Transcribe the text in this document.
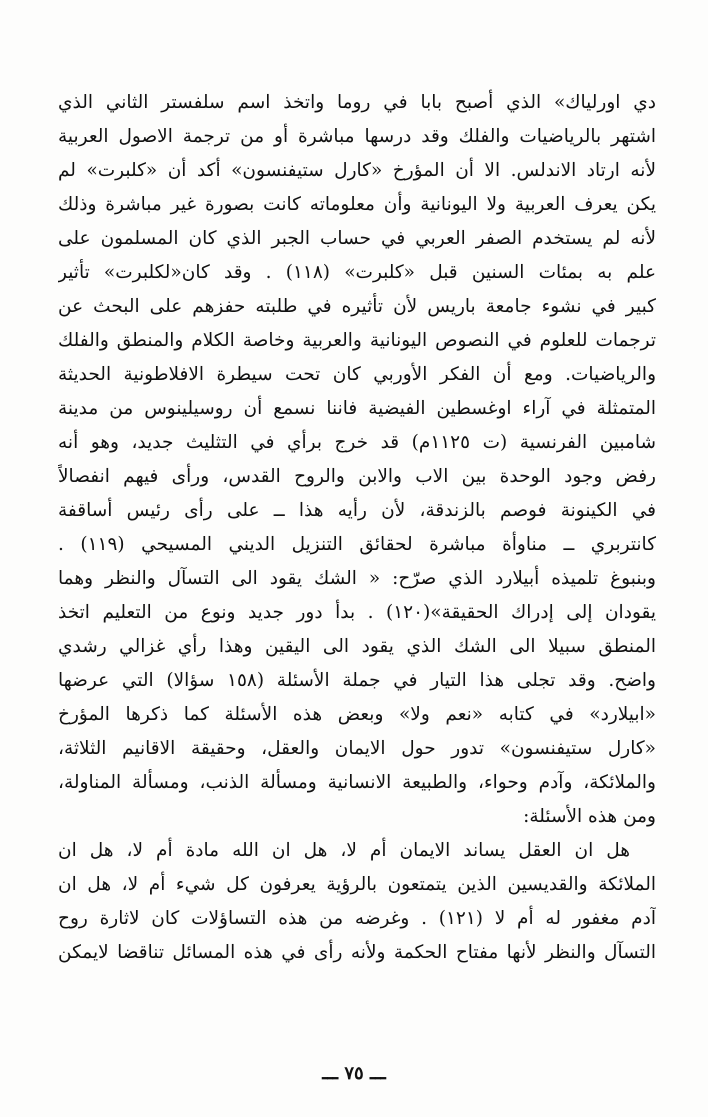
دي اورلياك» الذي أصبح بابا في روما واتخذ اسم سلفستر الثاني الذي
اشتهر بالرياضيات والفلك وقد درسها مباشرة أو من ترجمة الاصول العربية
لأنه ارتاد الاندلس. الا أن المؤرخ «كارل ستيفنسون» أكد أن «كلبرت» لم
يكن يعرف العربية ولا اليونانية وأن معلوماته كانت بصورة غير مباشرة وذلك
لأنه لم يستخدم الصفر العربي في حساب الجبر الذي كان المسلمون على
علم به بمئات السنين قبل «كلبرت» (١١٨) . وقد كان«لكلبرت» تأثير
كبير في نشوء جامعة باريس لأن تأثيره في طلبته حفزهم على البحث عن
ترجمات للعلوم في النصوص اليونانية والعربية وخاصة الكلام والمنطق والفلك
والرياضيات. ومع أن الفكر الأوربي كان تحت سيطرة الافلاطونية الحديثة
المتمثلة في آراء اوغسطين الفيضية فاننا نسمع أن روسيلينوس من مدينة
شامبين الفرنسية (ت ١١٢٥م) قد خرج برأي في التثليث جديد، وهو أنه
رفض وجود الوحدة بين الاب والابن والروح القدس، ورأى فيهم انفصالاً
في الكينونة فوصم بالزندقة، لأن رأيه هذا ــ على رأى رئيس أساقفة
كانتربري ــ مناوأة مباشرة لحقائق التنزيل الديني المسيحي (١١٩) .
وبنبوغ تلميذه أبيلارد الذي صرّح: « الشك يقود الى التسآل والنظر وهما
يقودان إلى إدراك الحقيقة»(١٢٠) . بدأ دور جديد ونوع من التعليم اتخذ
المنطق سبيلا الى الشك الذي يقود الى اليقين وهذا رأي غزالي رشدي
واضح. وقد تجلى هذا التيار في جملة الأسئلة (١٥٨ سؤالا) التي عرضها
«ابيلارد» في كتابه «نعم ولا» وبعض هذه الأسئلة كما ذكرها المؤرخ
«كارل ستيفنسون» تدور حول الايمان والعقل، وحقيقة الاقانيم الثلاثة،
والملائكة، وآدم وحواء، والطبيعة الانسانية ومسألة الذنب، ومسألة المناولة،
ومن هذه الأسئلة:
هل ان العقل يساند الايمان أم لا، هل ان الله مادة أم لا، هل ان
الملائكة والقديسين الذين يتمتعون بالرؤية يعرفون كل شيء أم لا، هل ان
آدم مغفور له أم لا (١٢١) . وغرضه من هذه التساؤلات كان لاثارة روح
التسآل والنظر لأنها مفتاح الحكمة ولأنه رأى في هذه المسائل تناقضا لايمكن
ـــ ٧٥ ـــ
